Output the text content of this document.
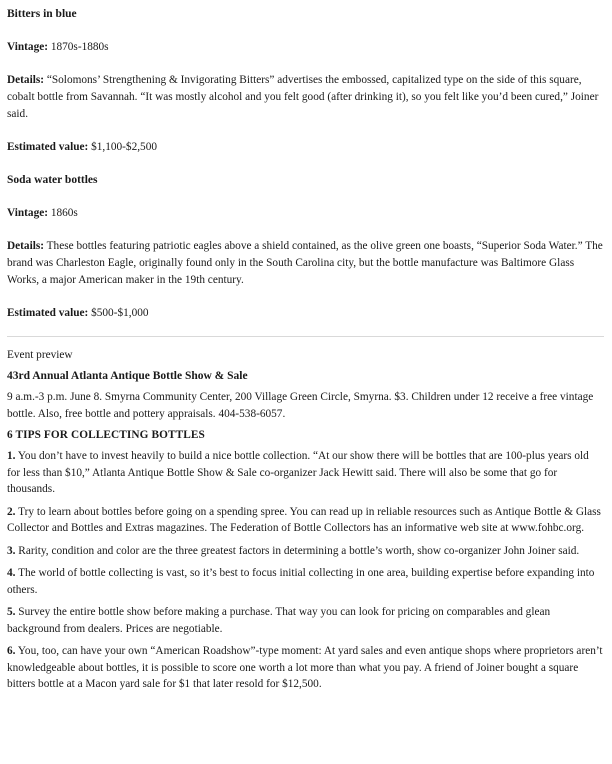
Bitters in blue

Vintage: 1870s-1880s

Details: “Solomons’ Strengthening & Invigorating Bitters” advertises the embossed, capitalized type on the side of this square, cobalt bottle from Savannah. “It was mostly alcohol and you felt good (after drinking it), so you felt like you’d been cured,” Joiner said.

Estimated value: $1,100-$2,500

Soda water bottles

Vintage: 1860s

Details: These bottles featuring patriotic eagles above a shield contained, as the olive green one boasts, “Superior Soda Water.” The brand was Charleston Eagle, originally found only in the South Carolina city, but the bottle manufacture was Baltimore Glass Works, a major American maker in the 19th century.

Estimated value: $500-$1,000

Event preview

43rd Annual Atlanta Antique Bottle Show & Sale

9 a.m.-3 p.m. June 8. Smyrna Community Center, 200 Village Green Circle, Smyrna. $3. Children under 12 receive a free vintage bottle. Also, free bottle and pottery appraisals. 404-538-6057.

6 TIPS FOR COLLECTING BOTTLES

1. You don’t have to invest heavily to build a nice bottle collection. “At our show there will be bottles that are 100-plus years old for less than $10,” Atlanta Antique Bottle Show & Sale co-organizer Jack Hewitt said. There will also be some that go for thousands.

2. Try to learn about bottles before going on a spending spree. You can read up in reliable resources such as Antique Bottle & Glass Collector and Bottles and Extras magazines. The Federation of Bottle Collectors has an informative web site at www.fohbc.org.

3. Rarity, condition and color are the three greatest factors in determining a bottle’s worth, show co-organizer John Joiner said.

4. The world of bottle collecting is vast, so it’s best to focus initial collecting in one area, building expertise before expanding into others.

5. Survey the entire bottle show before making a purchase. That way you can look for pricing on comparables and glean background from dealers. Prices are negotiable.

6. You, too, can have your own “American Roadshow”-type moment: At yard sales and even antique shops where proprietors aren’t knowledgeable about bottles, it is possible to score one worth a lot more than what you pay. A friend of Joiner bought a square bitters bottle at a Macon yard sale for $1 that later resold for $12,500.
